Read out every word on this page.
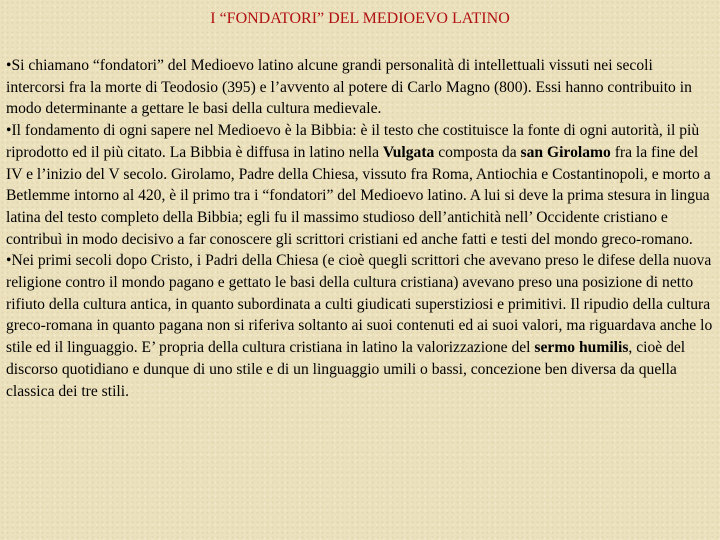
I “FONDATORI” DEL MEDIOEVO LATINO

•Si chiamano “fondatori” del Medioevo latino alcune grandi personalità di intellettuali vissuti nei secoli intercorsi fra la morte di Teodosio (395) e l’avvento al potere di Carlo Magno (800). Essi hanno contribuito in modo determinante a gettare le basi della cultura medievale.

•Il fondamento di ogni sapere nel Medioevo è la Bibbia: è il testo che costituisce la fonte di ogni autorità, il più riprodotto ed il più citato. La Bibbia è diffusa in latino nella Vulgata composta da san Girolamo fra la fine del IV e l’inizio del V secolo. Girolamo, Padre della Chiesa, vissuto fra Roma, Antiochia e Costantinopoli, e morto a Betlemme intorno al 420, è il primo tra i “fondatori” del Medioevo latino. A lui si deve la prima stesura in lingua latina del testo completo della Bibbia; egli fu il massimo studioso dell’antichità nell’ Occidente cristiano e contribuì in modo decisivo a far conoscere gli scrittori cristiani ed anche fatti e testi del mondo greco-romano.

•Nei primi secoli dopo Cristo, i Padri della Chiesa (e cioè quegli scrittori che avevano preso le difese della nuova religione contro il mondo pagano e gettato le basi della cultura cristiana) avevano preso una posizione di netto rifiuto della cultura antica, in quanto subordinata a culti giudicati superstiziosi e primitivi. Il ripudio della cultura greco-romana in quanto pagana non si riferiva soltanto ai suoi contenuti ed ai suoi valori, ma riguardava anche lo stile ed il linguaggio. E’ propria della cultura cristiana in latino la valorizzazione del sermo humilis, cioè del discorso quotidiano e dunque di uno stile e di un linguaggio umili o bassi, concezione ben diversa da quella classica dei tre stili.
